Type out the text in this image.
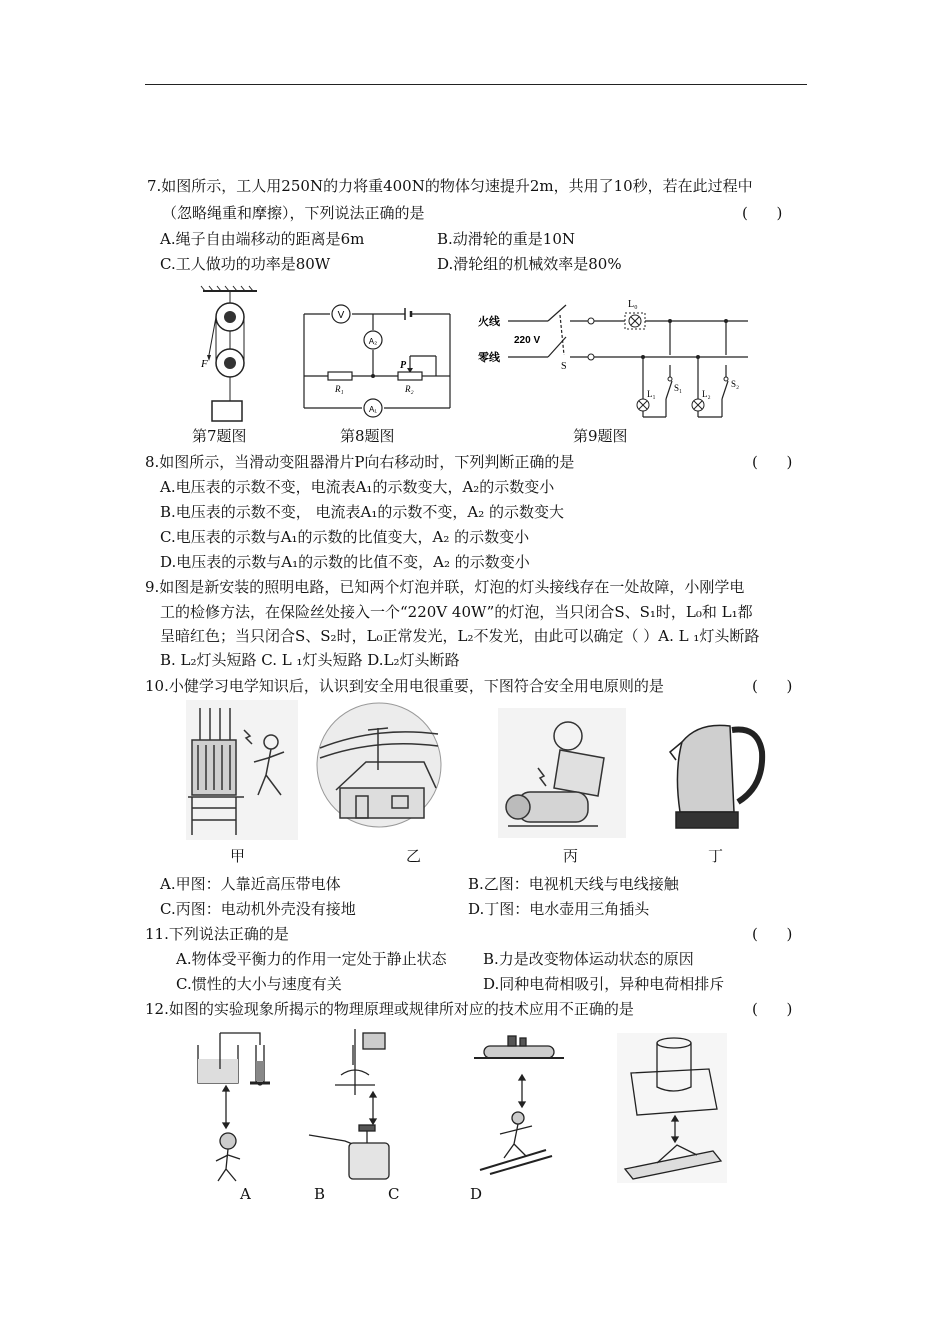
7.如图所示，工人用250N的力将重400N的物体匀速提升2m，共用了10秒，若在此过程中
（忽略绳重和摩擦），下列说法正确的是	(      )
A.绳子自由端移动的距离是6m	B.动滑轮的重是10N
C.工人做功的功率是80W	D.滑轮组的机械效率是80%
F
第7题图
V
A₂
A₁
P
R₁	R₂
第8题图
火线
零线
220 V
L₀
S
L₁
S₁
L₂
S₂
第9题图
8.如图所示，当滑动变阻器滑片P向右移动时，下列判断正确的是	(      )
A.电压表的示数不变，电流表A₁的示数变大，A₂的示数变小
B.电压表的示数不变， 电流表A₁的示数不变，A₂ 的示数变大
C.电压表的示数与A₁的示数的比值变大，A₂ 的示数变小
D.电压表的示数与A₁的示数的比值不变，A₂ 的示数变小
9.如图是新安装的照明电路，已知两个灯泡并联，灯泡的灯头接线存在一处故障，小刚学电
工的检修方法，在保险丝处接入一个“220V 40W”的灯泡，当只闭合S、S₁时，L₀和 L₁都
呈暗红色；当只闭合S、S₂时，L₀正常发光，L₂不发光，由此可以确定（ ）A. L ₁灯头断路
B. L₂灯头短路 C. L ₁灯头短路 D.L₂灯头断路
10.小健学习电学知识后，认识到安全用电很重要，下图符合安全用电原则的是	(      )
甲	乙	丙	丁
A.甲图：人靠近高压带电体	B.乙图：电视机天线与电线接触
C.丙图：电动机外壳没有接地	D.丁图：电水壶用三角插头
11.下列说法正确的是	(      )
A.物体受平衡力的作用一定处于静止状态 B.力是改变物体运动状态的原因
C.惯性的大小与速度有关	D.同种电荷相吸引，异种电荷相排斥
12.如图的实验现象所揭示的物理原理或规律所对应的技术应用不正确的是	(      )
A	B	C	D
